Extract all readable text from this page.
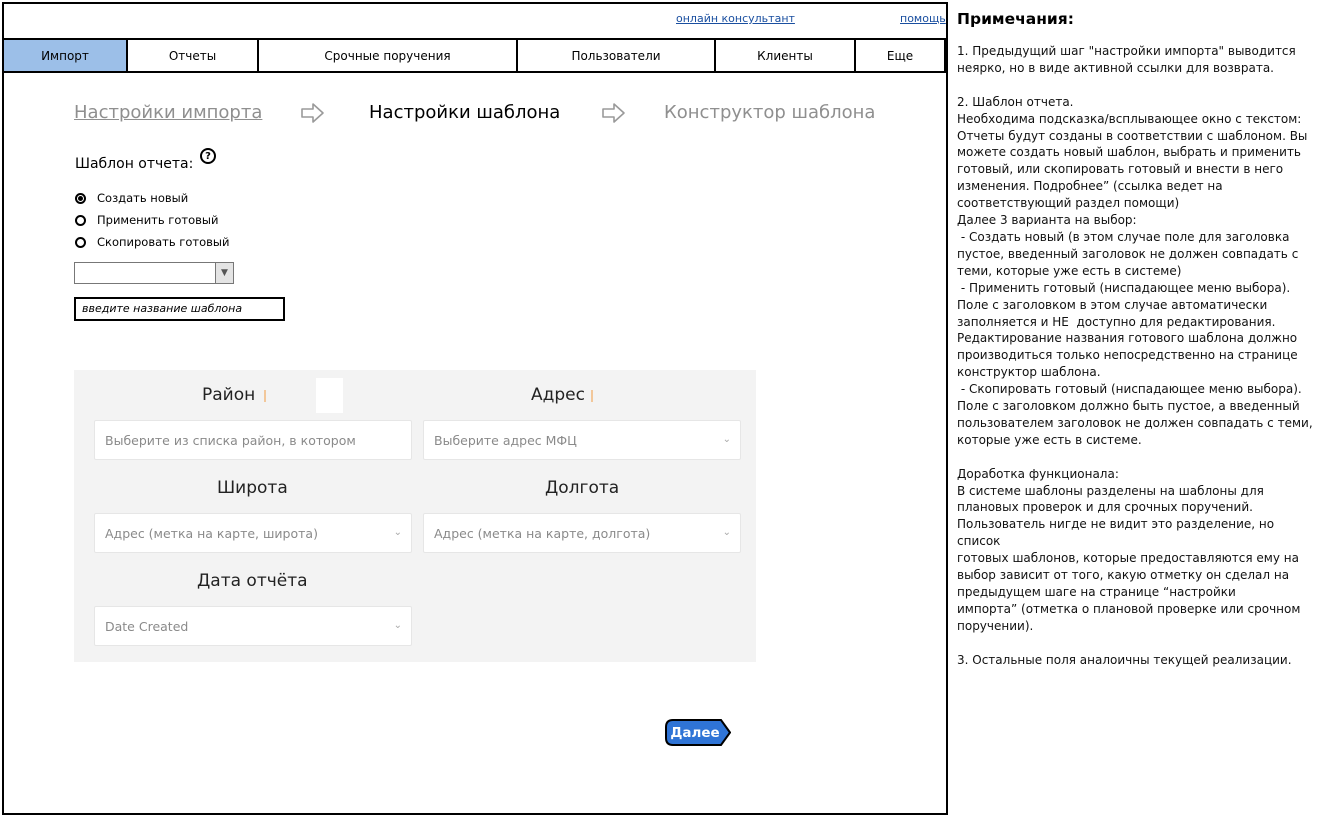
онлайн консультант	помощь
Импорт	Отчеты	Срочные поручения	Пользователи	Клиенты	Еще
Настройки импорта	Настройки шаблона	Конструктор шаблона
Шаблон отчета:	?
Создать новый
Применить готовый
Скопировать готовый
▼
введите название шаблона
Район	Адрес
Выберите из списка район, в котором	Выберите адрес МФЦ	⌄
Широта	Долгота
Адрес (метка на карте, широта)	⌄	Адрес (метка на карте, долгота)	⌄
Дата отчёта
Date Created	⌄
Далее
Примечания:
1. Предыдущий шаг "настройки импорта" выводится
неярко, но в виде активной ссылки для возврата.

2. Шаблон отчета.
Необходима подсказка/всплывающее окно с текстом:
Отчеты будут созданы в соответствии с шаблоном. Вы
можете создать новый шаблон, выбрать и применить
готовый, или скопировать готовый и внести в него
изменения. Подробнее” (ссылка ведет на
соответствующий раздел помощи)
Далее 3 варианта на выбор:
- Создать новый (в этом случае поле для заголовка
пустое, введенный заголовок не должен совпадать с
теми, которые уже есть в системе)
- Применить готовый (ниспадающее меню выбора).
Поле с заголовком в этом случае автоматически
заполняется и НЕ  доступно для редактирования.
Редактирование названия готового шаблона должно
производиться только непосредственно на странице
конструктор шаблона.
- Скопировать готовый (ниспадающее меню выбора).
Поле с заголовком должно быть пустое, а введенный
пользователем заголовок не должен совпадать с теми,
которые уже есть в системе.

Доработка функционала:
В системе шаблоны разделены на шаблоны для
плановых проверок и для срочных поручений.
Пользователь нигде не видит это разделение, но список
готовых шаблонов, которые предоставляются ему на
выбор зависит от того, какую отметку он сделал на
предыдущем шаге на странице “настройки
импорта” (отметка о плановой проверке или срочном
поручении).

3. Остальные поля аналоичны текущей реализации.
